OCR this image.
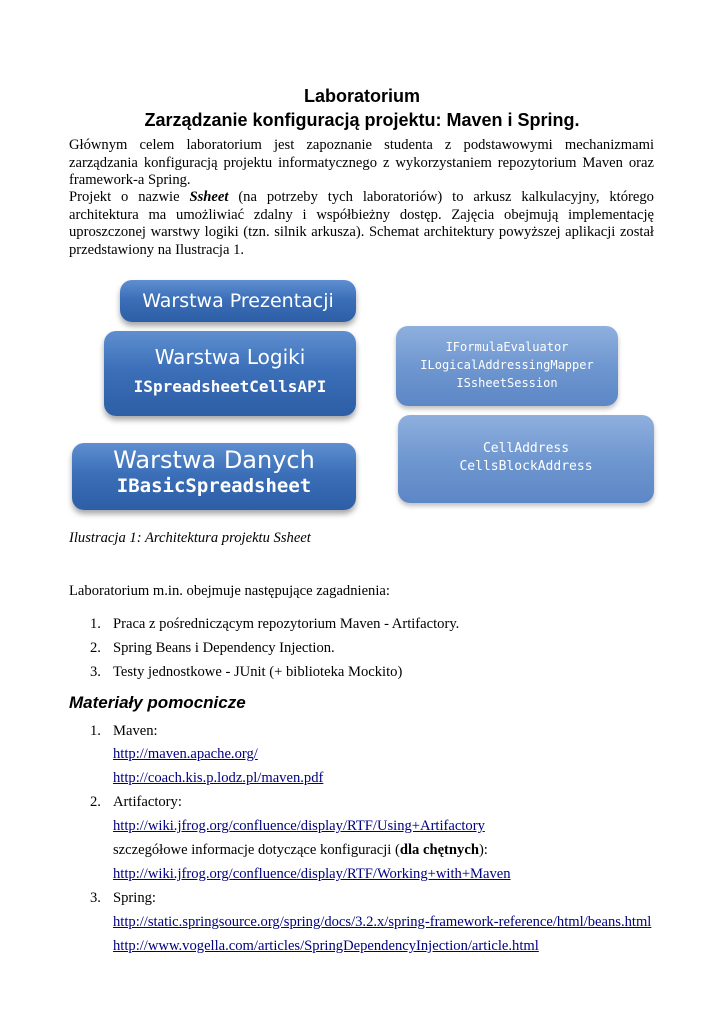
Laboratorium
Zarządzanie konfiguracją projektu: Maven i Spring.
Głównym celem laboratorium jest zapoznanie studenta z podstawowymi mechanizmami
zarządzania konfiguracją projektu informatycznego z wykorzystaniem repozytorium Maven oraz
framework-a Spring.
Projekt o nazwie Ssheet (na potrzeby tych laboratoriów) to arkusz kalkulacyjny, którego
architektura ma umożliwiać zdalny i współbieżny dostęp. Zajęcia obejmują implementację
uproszczonej warstwy logiki (tzn. silnik arkusza). Schemat architektury powyższej aplikacji został
przedstawiony na Ilustracja 1.
Warstwa Prezentacji
Warstwa Logiki
ISpreadsheetCellsAPI
Warstwa Danych
IBasicSpreadsheet
IFormulaEvaluator
ILogicalAddressingMapper
ISsheetSession
CellAddress
CellsBlockAddress
Ilustracja 1: Architektura projektu Ssheet
Laboratorium m.in. obejmuje następujące zagadnienia:
1. Praca z pośredniczącym repozytorium Maven - Artifactory.
2. Spring Beans i Dependency Injection.
3. Testy jednostkowe - JUnit (+ biblioteka Mockito)
Materiały pomocnicze
1. Maven:
http://maven.apache.org/
http://coach.kis.p.lodz.pl/maven.pdf
2. Artifactory:
http://wiki.jfrog.org/confluence/display/RTF/Using+Artifactory
szczegółowe informacje dotyczące konfiguracji (dla chętnych):
http://wiki.jfrog.org/confluence/display/RTF/Working+with+Maven
3. Spring:
http://static.springsource.org/spring/docs/3.2.x/spring-framework-reference/html/beans.html
http://www.vogella.com/articles/SpringDependencyInjection/article.html
